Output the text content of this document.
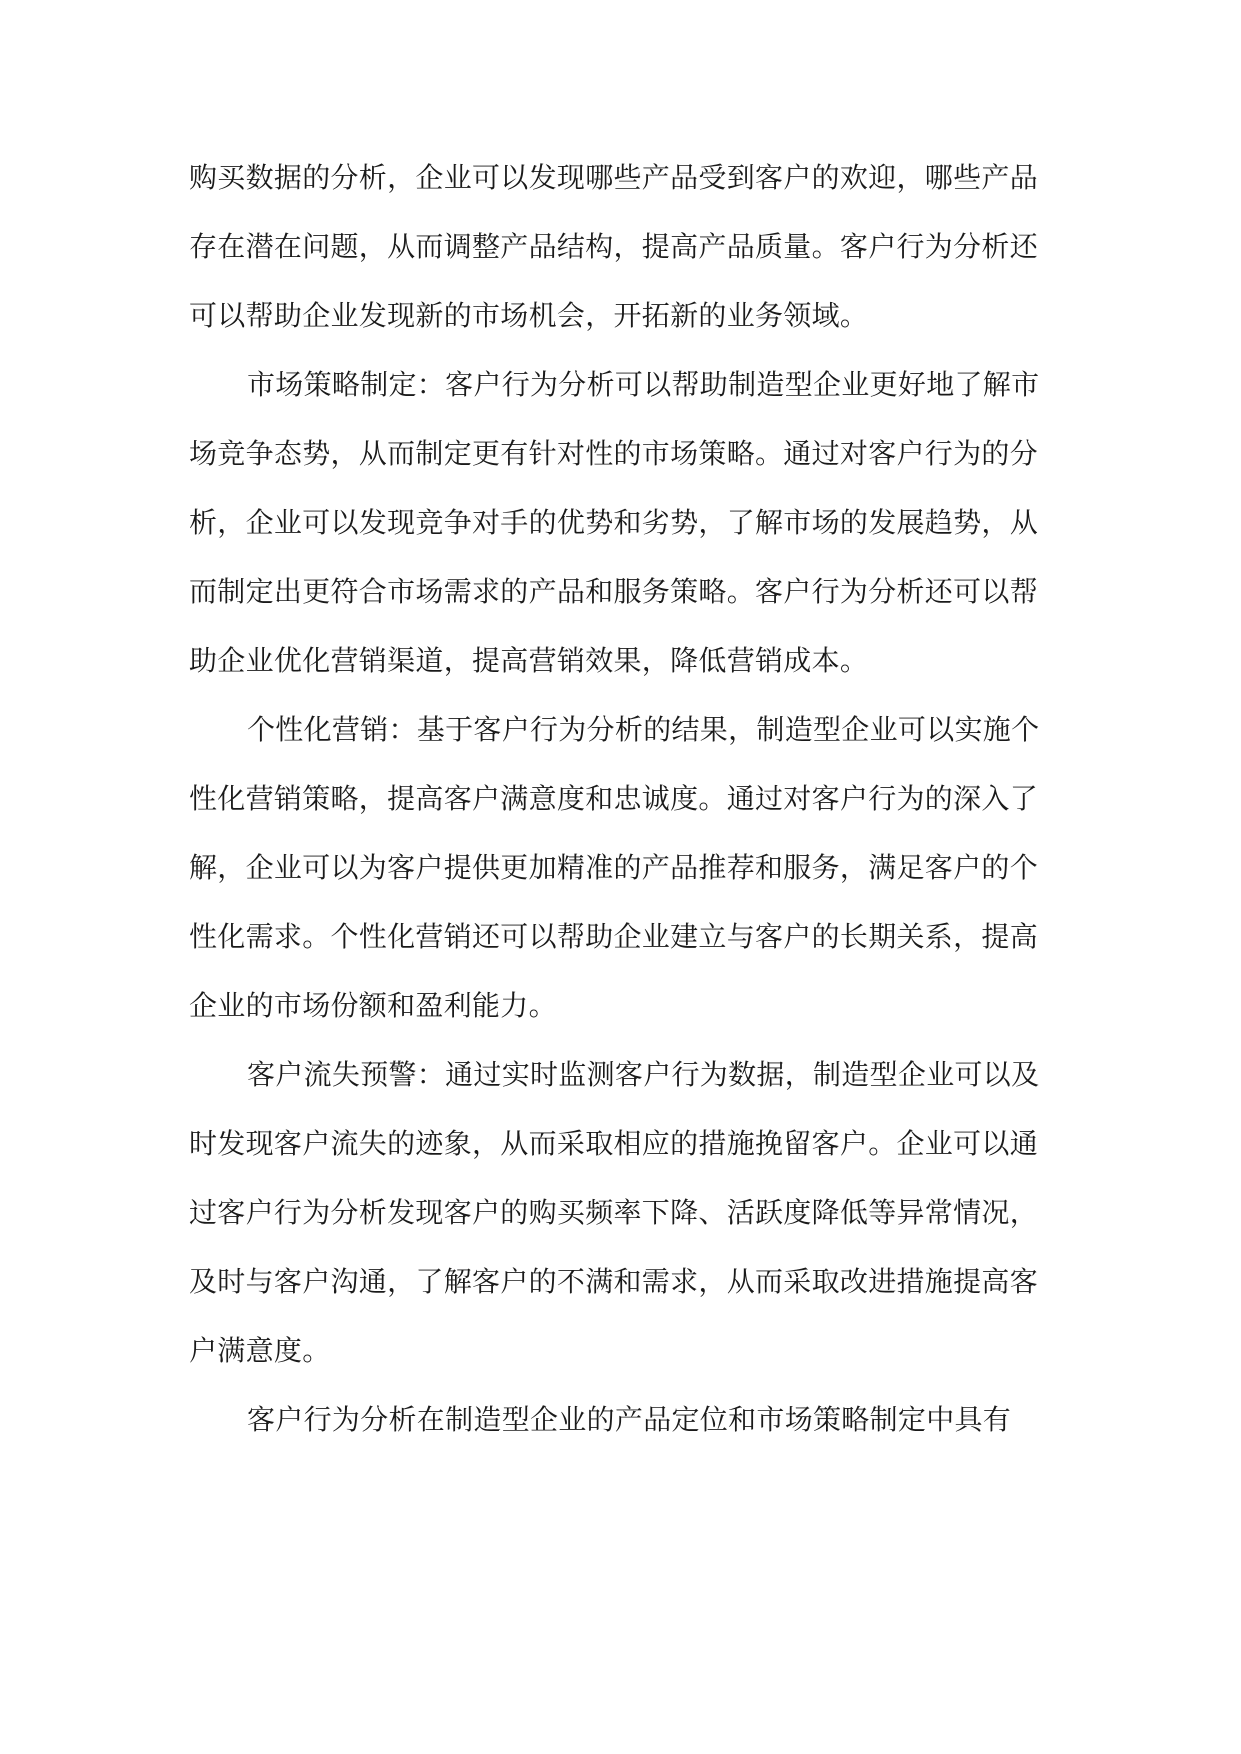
购买数据的分析，企业可以发现哪些产品受到客户的欢迎，哪些产品
存在潜在问题，从而调整产品结构，提高产品质量。客户行为分析还
可以帮助企业发现新的市场机会，开拓新的业务领域。
市场策略制定：客户行为分析可以帮助制造型企业更好地了解市
场竞争态势，从而制定更有针对性的市场策略。通过对客户行为的分
析，企业可以发现竞争对手的优势和劣势，了解市场的发展趋势，从
而制定出更符合市场需求的产品和服务策略。客户行为分析还可以帮
助企业优化营销渠道，提高营销效果，降低营销成本。
个性化营销：基于客户行为分析的结果，制造型企业可以实施个
性化营销策略，提高客户满意度和忠诚度。通过对客户行为的深入了
解，企业可以为客户提供更加精准的产品推荐和服务，满足客户的个
性化需求。个性化营销还可以帮助企业建立与客户的长期关系，提高
企业的市场份额和盈利能力。
客户流失预警：通过实时监测客户行为数据，制造型企业可以及
时发现客户流失的迹象，从而采取相应的措施挽留客户。企业可以通
过客户行为分析发现客户的购买频率下降、活跃度降低等异常情况，
及时与客户沟通，了解客户的不满和需求，从而采取改进措施提高客
户满意度。
客户行为分析在制造型企业的产品定位和市场策略制定中具有
